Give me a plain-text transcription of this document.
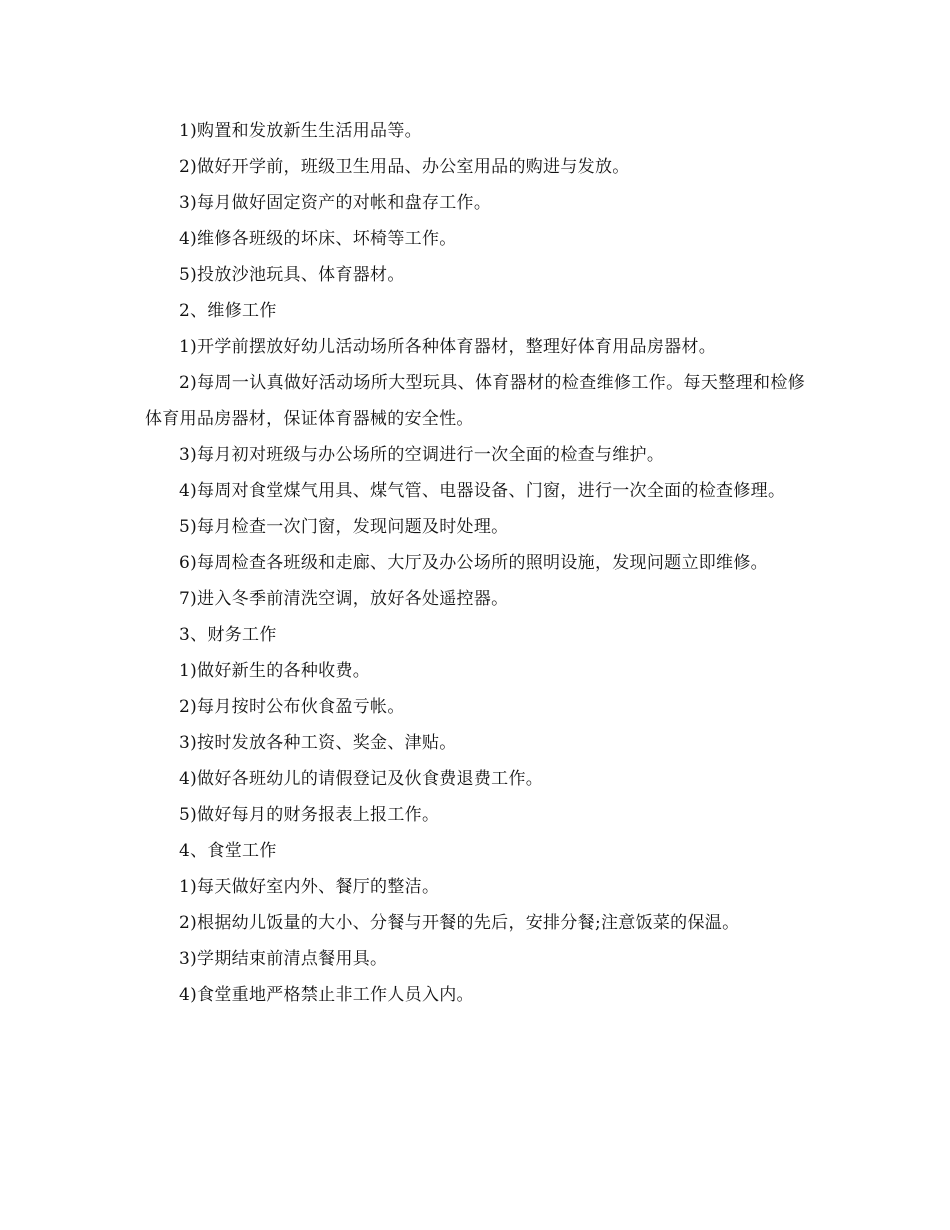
1)购置和发放新生生活用品等。

2)做好开学前，班级卫生用品、办公室用品的购进与发放。

3)每月做好固定资产的对帐和盘存工作。

4)维修各班级的坏床、坏椅等工作。

5)投放沙池玩具、体育器材。

2、维修工作

1)开学前摆放好幼儿活动场所各种体育器材，整理好体育用品房器材。

2)每周一认真做好活动场所大型玩具、体育器材的检查维修工作。每天整理和检修体育用品房器材，保证体育器械的安全性。

3)每月初对班级与办公场所的空调进行一次全面的检查与维护。

4)每周对食堂煤气用具、煤气管、电器设备、门窗，进行一次全面的检查修理。

5)每月检查一次门窗，发现问题及时处理。

6)每周检查各班级和走廊、大厅及办公场所的照明设施，发现问题立即维修。

7)进入冬季前清洗空调，放好各处遥控器。

3、财务工作

1)做好新生的各种收费。

2)每月按时公布伙食盈亏帐。

3)按时发放各种工资、奖金、津贴。

4)做好各班幼儿的请假登记及伙食费退费工作。

5)做好每月的财务报表上报工作。

4、食堂工作

1)每天做好室内外、餐厅的整洁。

2)根据幼儿饭量的大小、分餐与开餐的先后，安排分餐;注意饭菜的保温。

3)学期结束前清点餐用具。

4)食堂重地严格禁止非工作人员入内。
